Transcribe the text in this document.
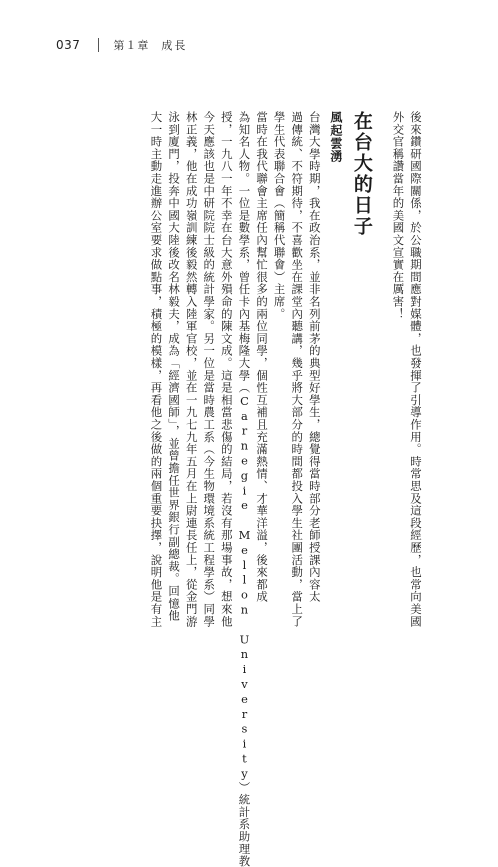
037	第１章 成長
後來鑽研國際關係，於公職期間應對媒體，也發揮了引導作用。時常思及這段經歷，也常向美國
外交官稱讚當年的美國文宣實在厲害！
在台大的日子
風起雲湧
台灣大學時期，我在政治系，並非名列前茅的典型好學生，總覺得當時部分老師授課內容太
過傳統、不符期待，不喜歡坐在課堂內聽講，幾乎將大部分的時間都投入學生社團活動，當上了
學生代表聯合會（簡稱代聯會）主席。
當時在我代聯會主席任內幫忙很多的兩位同學，個性互補且充滿熱情、才華洋溢，後來都成
為知名人物。一位是數學系，曾任卡內基梅隆大學（Carnegie Mellon University）統計系助理教
授，一九八一年不幸在台大意外殞命的陳文成。這是相當悲傷的結局，若沒有那場事故，想來他
今天應該也是中研院院士級的統計學家。另一位是當時農工系（今生物環境系統工程學系）同學
林正義，他在成功嶺訓練後毅然轉入陸軍官校，並在一九七九年五月在上尉連長任上，從金門游
泳到廈門，投奔中國大陸後改名林毅夫，成為「經濟國師」，並曾擔任世界銀行副總裁。回憶他
大一時主動走進辦公室要求做點事，積極的模樣，再看他之後做的兩個重要抉擇，說明他是有主
